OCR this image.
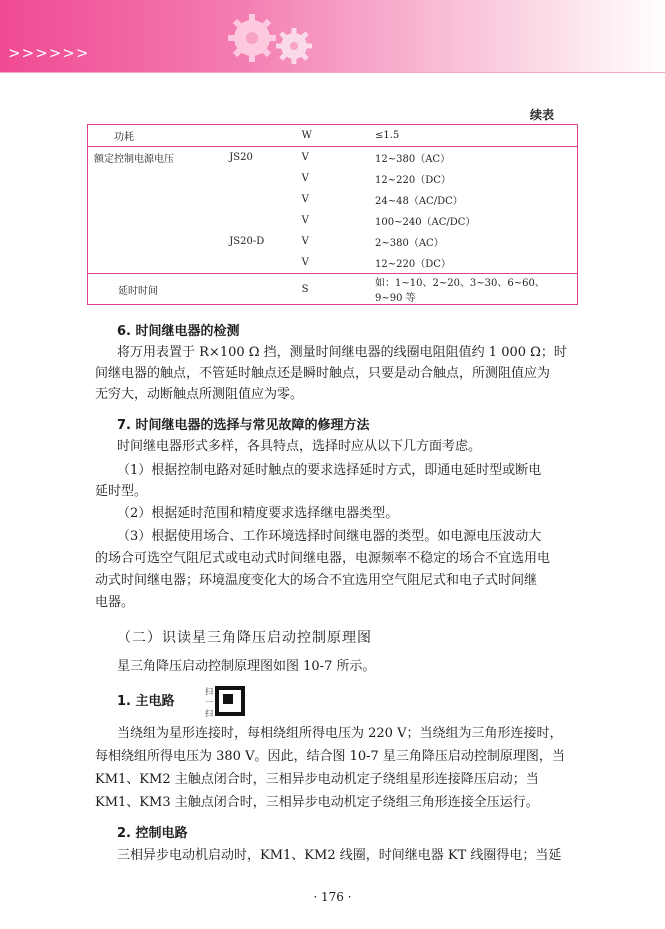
>>>>>>
续表
功耗		W	≤1.5
额定控制电源电压	JS20	V	12~380（AC）
		V	12~220（DC）
		V	24~48（AC/DC）
		V	100~240（AC/DC）
	JS20-D	V	2~380（AC）
		V	12~220（DC）
延时时间		S	如：1~10、2~20、3~30、6~60、9~90 等
6. 时间继电器的检测

将万用表置于 R×100 Ω 挡，测量时间继电器的线圈电阻阻值约 1 000 Ω；时

间继电器的触点，不管延时触点还是瞬时触点，只要是动合触点，所测阻值应为

无穷大，动断触点所测阻值应为零。

7. 时间继电器的选择与常见故障的修理方法

时间继电器形式多样，各具特点，选择时应从以下几方面考虑。

（1）根据控制电路对延时触点的要求选择延时方式，即通电延时型或断电

延时型。

（2）根据延时范围和精度要求选择继电器类型。

（3）根据使用场合、工作环境选择时间继电器的类型。如电源电压波动大

的场合可选空气阻尼式或电动式时间继电器，电源频率不稳定的场合不宜选用电

动式时间继电器；环境温度变化大的场合不宜选用空气阻尼式和电子式时间继

电器。

（二）识读星三角降压启动控制原理图

星三角降压启动控制原理图如图 10-7 所示。

1. 主电路
扫
一
扫

当绕组为星形连接时，每相绕组所得电压为 220 V；当绕组为三角形连接时，

每相绕组所得电压为 380 V。因此，结合图 10-7 星三角降压启动控制原理图，当

KM1、KM2 主触点闭合时，三相异步电动机定子绕组星形连接降压启动；当

KM1、KM3 主触点闭合时，三相异步电动机定子绕组三角形连接全压运行。

2. 控制电路

三相异步电动机启动时，KM1、KM2 线圈，时间继电器 KT 线圈得电；当延

· 176 ·
